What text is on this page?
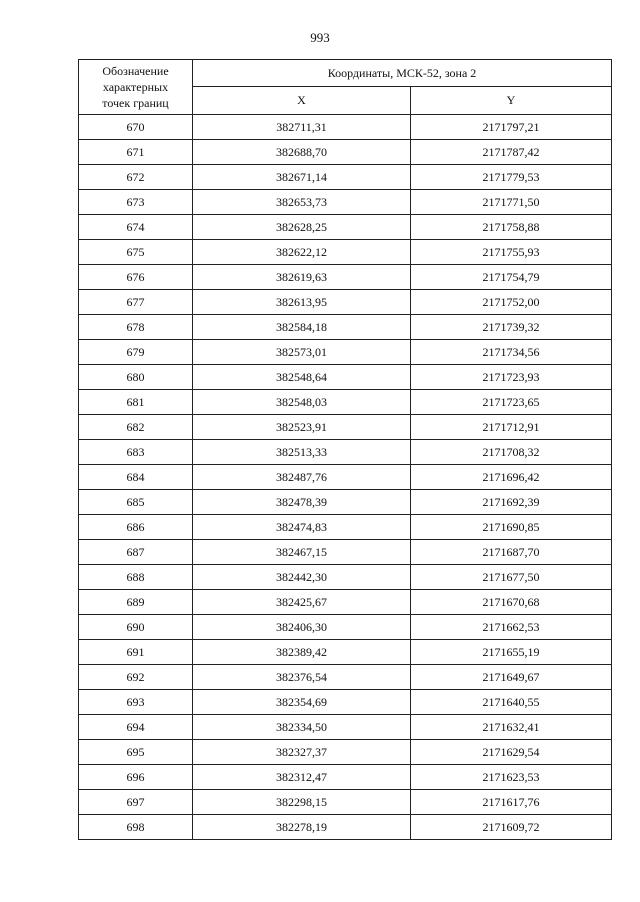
993
Обозначение
характерных
точек границ	Координаты, МСК-52, зона 2	
	X	Y
670	382711,31	2171797,21
671	382688,70	2171787,42
672	382671,14	2171779,53
673	382653,73	2171771,50
674	382628,25	2171758,88
675	382622,12	2171755,93
676	382619,63	2171754,79
677	382613,95	2171752,00
678	382584,18	2171739,32
679	382573,01	2171734,56
680	382548,64	2171723,93
681	382548,03	2171723,65
682	382523,91	2171712,91
683	382513,33	2171708,32
684	382487,76	2171696,42
685	382478,39	2171692,39
686	382474,83	2171690,85
687	382467,15	2171687,70
688	382442,30	2171677,50
689	382425,67	2171670,68
690	382406,30	2171662,53
691	382389,42	2171655,19
692	382376,54	2171649,67
693	382354,69	2171640,55
694	382334,50	2171632,41
695	382327,37	2171629,54
696	382312,47	2171623,53
697	382298,15	2171617,76
698	382278,19	2171609,72
